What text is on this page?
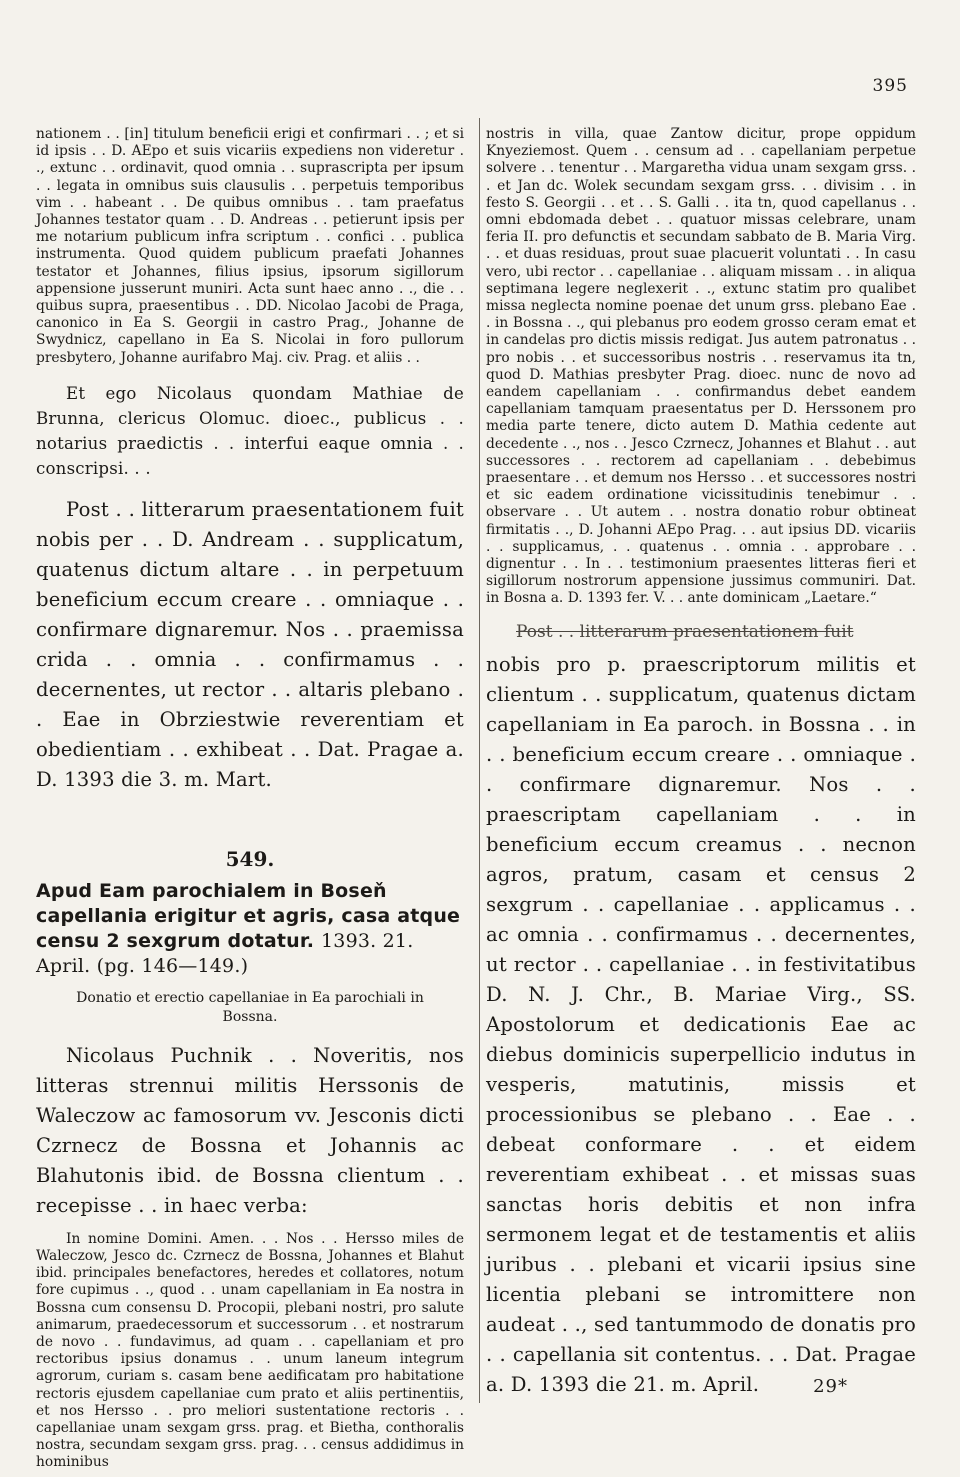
395

nationem . . [in] titulum beneficii erigi et confirmari . . ; et si id ipsis . . D. AEpo et suis vicariis expediens non videretur . ., extunc . . ordinavit, quod omnia . . suprascripta per ipsum . . legata in omnibus suis clausulis . . perpetuis temporibus vim . . habeant . . De quibus omnibus . . tam praefatus Johannes testator quam . . D. Andreas . . petierunt ipsis per me notarium publicum infra scriptum . . confici . . publica instrumenta. Quod quidem publicum praefati Johannes testator et Johannes, filius ipsius, ipsorum sigillorum appensione jusserunt muniri. Acta sunt haec anno . ., die . . quibus supra, praesentibus . . DD. Nicolao Jacobi de Praga, canonico in Ea S. Georgii in castro Prag., Johanne de Swydnicz, capellano in Ea S. Nicolai in foro pullorum presbytero, Johanne aurifabro Maj. civ. Prag. et aliis . .

Et ego Nicolaus quondam Mathiae de Brunna, clericus Olomuc. dioec., publicus . . notarius praedictis . . interfui eaque omnia . . conscripsi. . .

Post . . litterarum praesentationem fuit nobis per . . D. Andream . . supplicatum, quatenus dictum altare . . in perpetuum beneficium eccum creare . . omniaque . . confirmare dignaremur. Nos . . praemissa crida . . omnia . . confirmamus . . decernentes, ut rector . . altaris plebano . . Eae in Obrziestwie reverentiam et obedientiam . . exhibeat . . Dat. Pragae a. D. 1393 die 3. m. Mart.

549.

Apud Eam parochialem in Boseň capellania erigitur et agris, casa atque censu 2 sexgrum dotatur. 1393. 21. April. (pg. 146—149.)

Donatio et erectio capellaniae in Ea parochiali in Bossna.

Nicolaus Puchnik . . Noveritis, nos litteras strennui militis Herssonis de Waleczow ac famosorum vv. Jesconis dicti Czrnecz de Bossna et Johannis ac Blahutonis ibid. de Bossna clientum . . recepisse . . in haec verba:

In nomine Domini. Amen. . . Nos . . Hersso miles de Waleczow, Jesco dc. Czrnecz de Bossna, Johannes et Blahut ibid. principales benefactores, heredes et collatores, notum fore cupimus . ., quod . . unam capellaniam in Ea nostra in Bossna cum consensu D. Procopii, plebani nostri, pro salute animarum, praedecessorum et successorum . . et nostrarum de novo . . fundavimus, ad quam . . capellaniam et pro rectoribus ipsius donamus . . unum laneum integrum agrorum, curiam s. casam bene aedificatam pro habitatione rectoris ejusdem capellaniae cum prato et aliis pertinentiis, et nos Hersso . . pro meliori sustentatione rectoris . . capellaniae unam sexgam grss. prag. et Bietha, conthoralis nostra, secundam sexgam grss. prag. . . census addidimus in hominibus

nostris in villa, quae Zantow dicitur, prope oppidum Knyeziemost. Quem . . censum ad . . capellaniam perpetue solvere . . tenentur . . Margaretha vidua unam sexgam grss. . . et Jan dc. Wolek secundam sexgam grss. . . divisim . . in festo S. Georgii . . et . . S. Galli . . ita tn, quod capellanus . . omni ebdomada debet . . quatuor missas celebrare, unam feria II. pro defunctis et secundam sabbato de B. Maria Virg. . . et duas residuas, prout suae placuerit voluntati . . In casu vero, ubi rector . . capellaniae . . aliquam missam . . in aliqua septimana legere neglexerit . ., extunc statim pro qualibet missa neglecta nomine poenae det unum grss. plebano Eae . . in Bossna . ., qui plebanus pro eodem grosso ceram emat et in candelas pro dictis missis redigat. Jus autem patronatus . . pro nobis . . et successoribus nostris . . reservamus ita tn, quod D. Mathias presbyter Prag. dioec. nunc de novo ad eandem capellaniam . . confirmandus debet eandem capellaniam tamquam praesentatus per D. Herssonem pro media parte tenere, dicto autem D. Mathia cedente aut decedente . ., nos . . Jesco Czrnecz, Johannes et Blahut . . aut successores . . rectorem ad capellaniam . . debebimus praesentare . . et demum nos Hersso . . et successores nostri et sic eadem ordinatione vicissitudinis tenebimur . . observare . . Ut autem . . nostra donatio robur obtineat firmitatis . ., D. Johanni AEpo Prag. . . aut ipsius DD. vicariis . . supplicamus, . . quatenus . . omnia . . approbare . . dignentur . . In . . testimonium praesentes litteras fieri et sigillorum nostrorum appensione jussimus communiri. Dat. in Bosna a. D. 1393 fer. V. . . ante dominicam „Laetare.“

Post . . litterarum praesentationem fuit

nobis pro p. praescriptorum militis et clientum . . supplicatum, quatenus dictam capellaniam in Ea paroch. in Bossna . . in . . beneficium eccum creare . . omniaque . . confirmare dignaremur. Nos . . praescriptam capellaniam . . in beneficium eccum creamus . . necnon agros, pratum, casam et census 2 sexgrum . . capellaniae . . applicamus . . ac omnia . . confirmamus . . decernentes, ut rector . . capellaniae . . in festivitatibus D. N. J. Chr., B. Mariae Virg., SS. Apostolorum et dedicationis Eae ac diebus dominicis superpellicio indutus in vesperis, matutinis, missis et processionibus se plebano . . Eae . . debeat conformare . . et eidem reverentiam exhibeat . . et missas suas sanctas horis debitis et non infra sermonem legat et de testamentis et aliis juribus . . plebani et vicarii ipsius sine licentia plebani se intromittere non audeat . ., sed tantummodo de donatis pro . . capellania sit contentus. . . Dat. Pragae a. D. 1393 die 21. m. April.	29*
